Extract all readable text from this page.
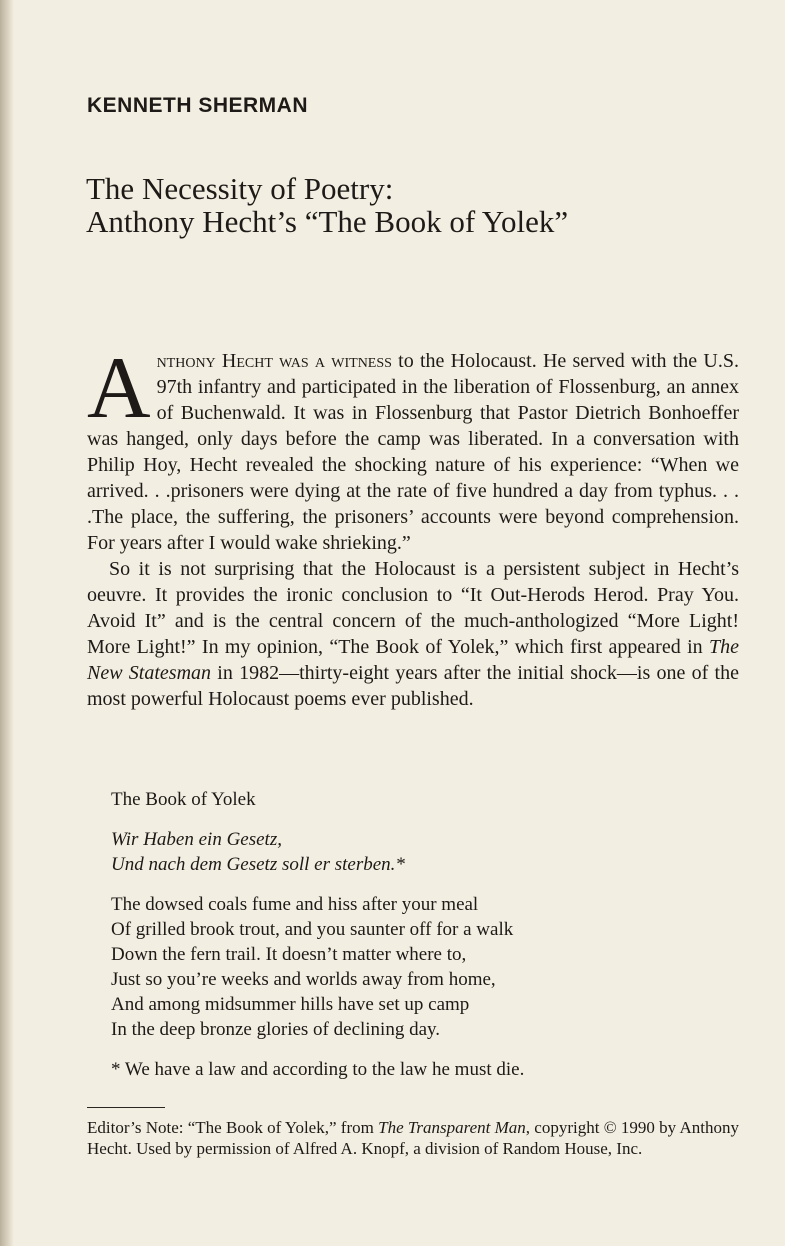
KENNETH SHERMAN
The Necessity of Poetry:
Anthony Hecht’s “The Book of Yolek”

Anthony Hecht was a witness to the Holocaust. He served with the U.S. 97th infantry and participated in the liberation of Flossenburg, an annex of Buchenwald. It was in Flossenburg that Pastor Dietrich Bonhoeffer was hanged, only days before the camp was liberated. In a conversation with Philip Hoy, Hecht revealed the shocking nature of his experience: “When we arrived. . .prisoners were dying at the rate of five hundred a day from typhus. . . .The place, the suffering, the prisoners’ accounts were beyond comprehension. For years after I would wake shrieking.”

So it is not surprising that the Holocaust is a persistent subject in Hecht’s oeuvre. It provides the ironic conclusion to “It Out-Herods Herod. Pray You. Avoid It” and is the central concern of the much-anthologized “More Light! More Light!” In my opinion, “The Book of Yolek,” which first appeared in The New Statesman in 1982—thirty-eight years after the initial shock—is one of the most powerful Holocaust poems ever published.

The Book of Yolek
Wir Haben ein Gesetz,
Und nach dem Gesetz soll er sterben.*
The dowsed coals fume and hiss after your meal
Of grilled brook trout, and you saunter off for a walk
Down the fern trail. It doesn’t matter where to,
Just so you’re weeks and worlds away from home,
And among midsummer hills have set up camp
In the deep bronze glories of declining day.
* We have a law and according to the law he must die.
Editor’s Note: “The Book of Yolek,” from The Transparent Man, copyright © 1990 by Anthony Hecht. Used by permission of Alfred A. Knopf, a division of Random House, Inc.
